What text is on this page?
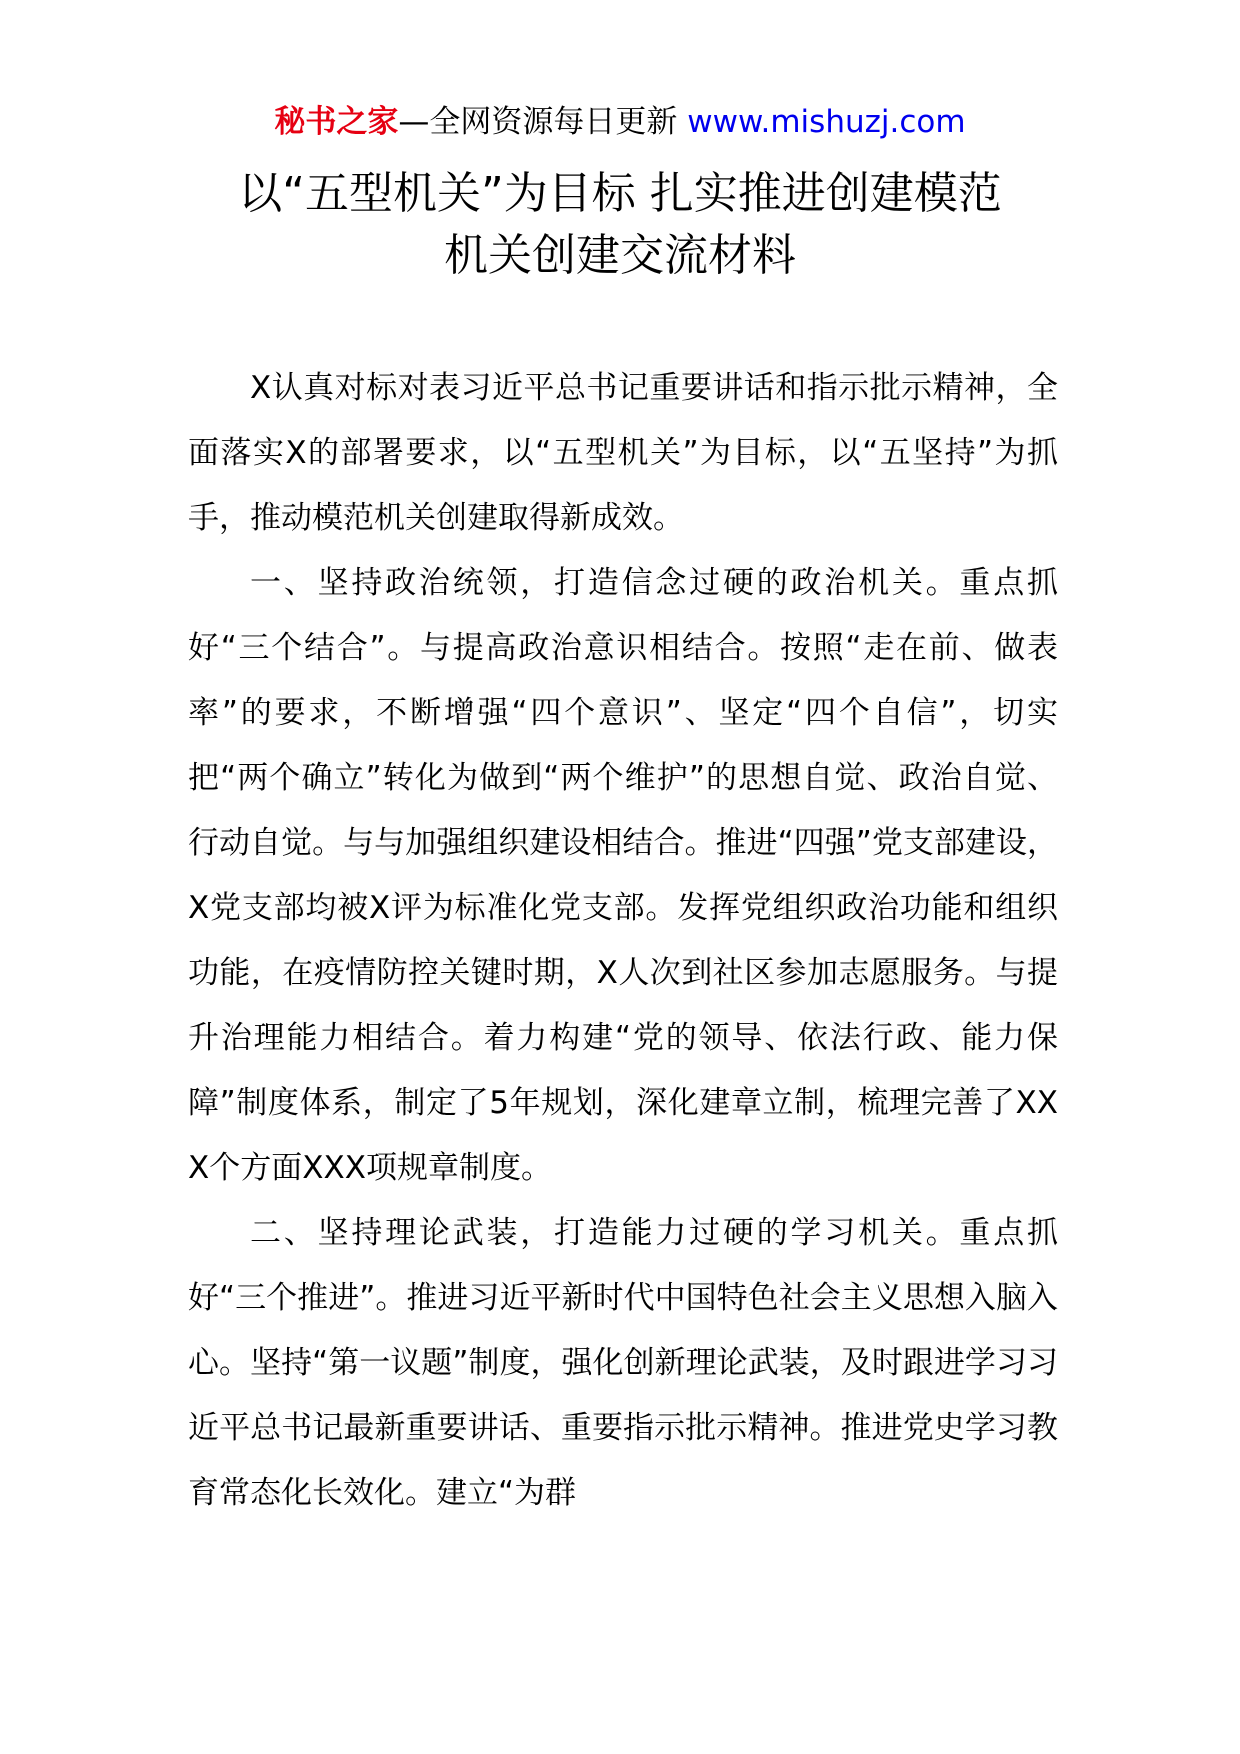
秘书之家—全网资源每日更新 www.mishuzj.com
以“五型机关”为目标 扎实推进创建模范
机关创建交流材料

X认真对标对表习近平总书记重要讲话和指示批示精神，全面落实X的部署要求，以“五型机关”为目标，以“五坚持”为抓手，推动模范机关创建取得新成效。

一、坚持政治统领，打造信念过硬的政治机关。重点抓好“三个结合”。与提高政治意识相结合。按照“走在前、做表率”的要求，不断增强“四个意识”、坚定“四个自信”，切实把“两个确立”转化为做到“两个维护”的思想自觉、政治自觉、行动自觉。与与加强组织建设相结合。推进“四强”党支部建设，X党支部均被X评为标准化党支部。发挥党组织政治功能和组织功能，在疫情防控关键时期，X人次到社区参加志愿服务。与提升治理能力相结合。着力构建“党的领导、依法行政、能力保障”制度体系，制定了5年规划，深化建章立制，梳理完善了XXX个方面XXX项规章制度。

二、坚持理论武装，打造能力过硬的学习机关。重点抓好“三个推进”。推进习近平新时代中国特色社会主义思想入脑入心。坚持“第一议题”制度，强化创新理论武装，及时跟进学习习近平总书记最新重要讲话、重要指示批示精神。推进党史学习教育常态化长效化。建立“为群
